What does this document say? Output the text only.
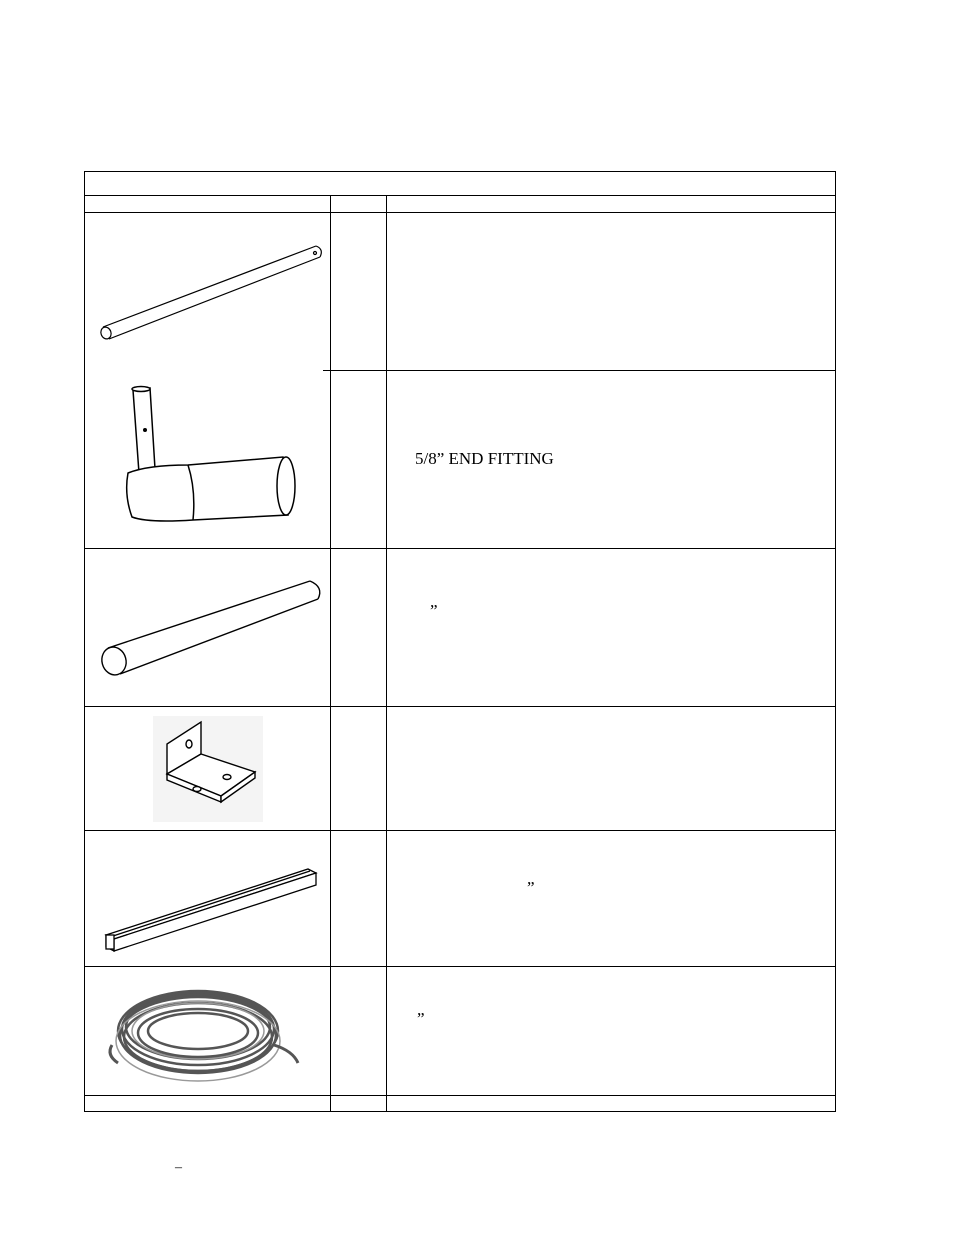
5/8” END FITTING
”
”
”
–
